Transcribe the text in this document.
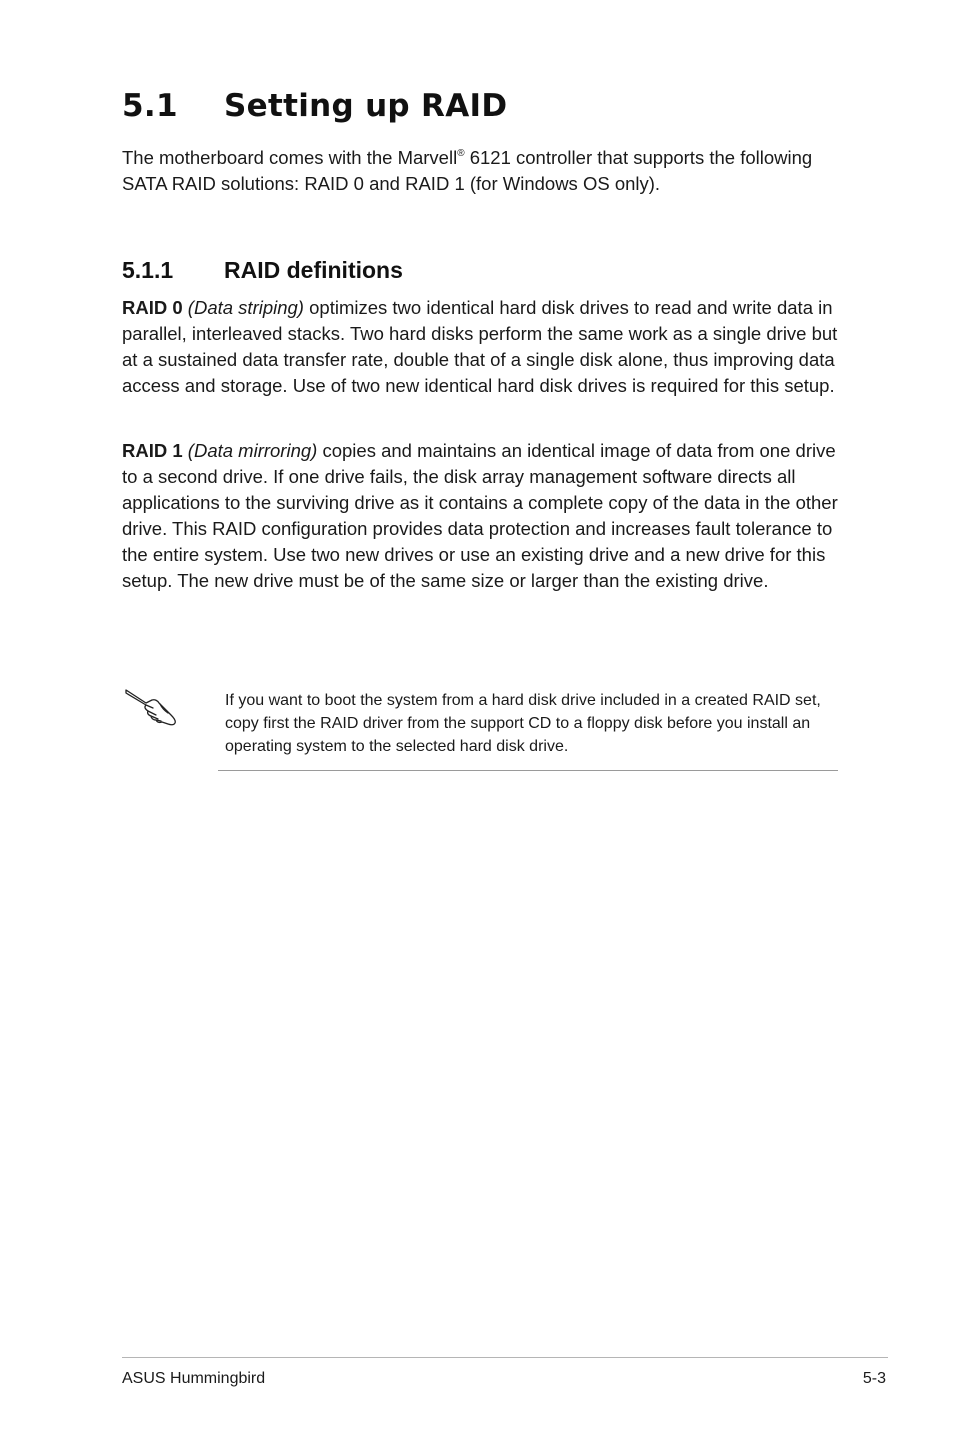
5.1 Setting up RAID

The motherboard comes with the Marvell® 6121 controller that supports the following SATA RAID solutions: RAID 0 and RAID 1 (for Windows OS only).

5.1.1 RAID definitions

RAID 0 (Data striping) optimizes two identical hard disk drives to read and write data in parallel, interleaved stacks. Two hard disks perform the same work as a single drive but at a sustained data transfer rate, double that of a single disk alone, thus improving data access and storage. Use of two new identical hard disk drives is required for this setup.

RAID 1 (Data mirroring) copies and maintains an identical image of data from one drive to a second drive. If one drive fails, the disk array management software directs all applications to the surviving drive as it contains a complete copy of the data in the other drive. This RAID configuration provides data protection and increases fault tolerance to the entire system. Use two new drives or use an existing drive and a new drive for this setup. The new drive must be of the same size or larger than the existing drive.

If you want to boot the system from a hard disk drive included in a created RAID set, copy first the RAID driver from the support CD to a floppy disk before you install an operating system to the selected hard disk drive.

ASUS Hummingbird	5-3
